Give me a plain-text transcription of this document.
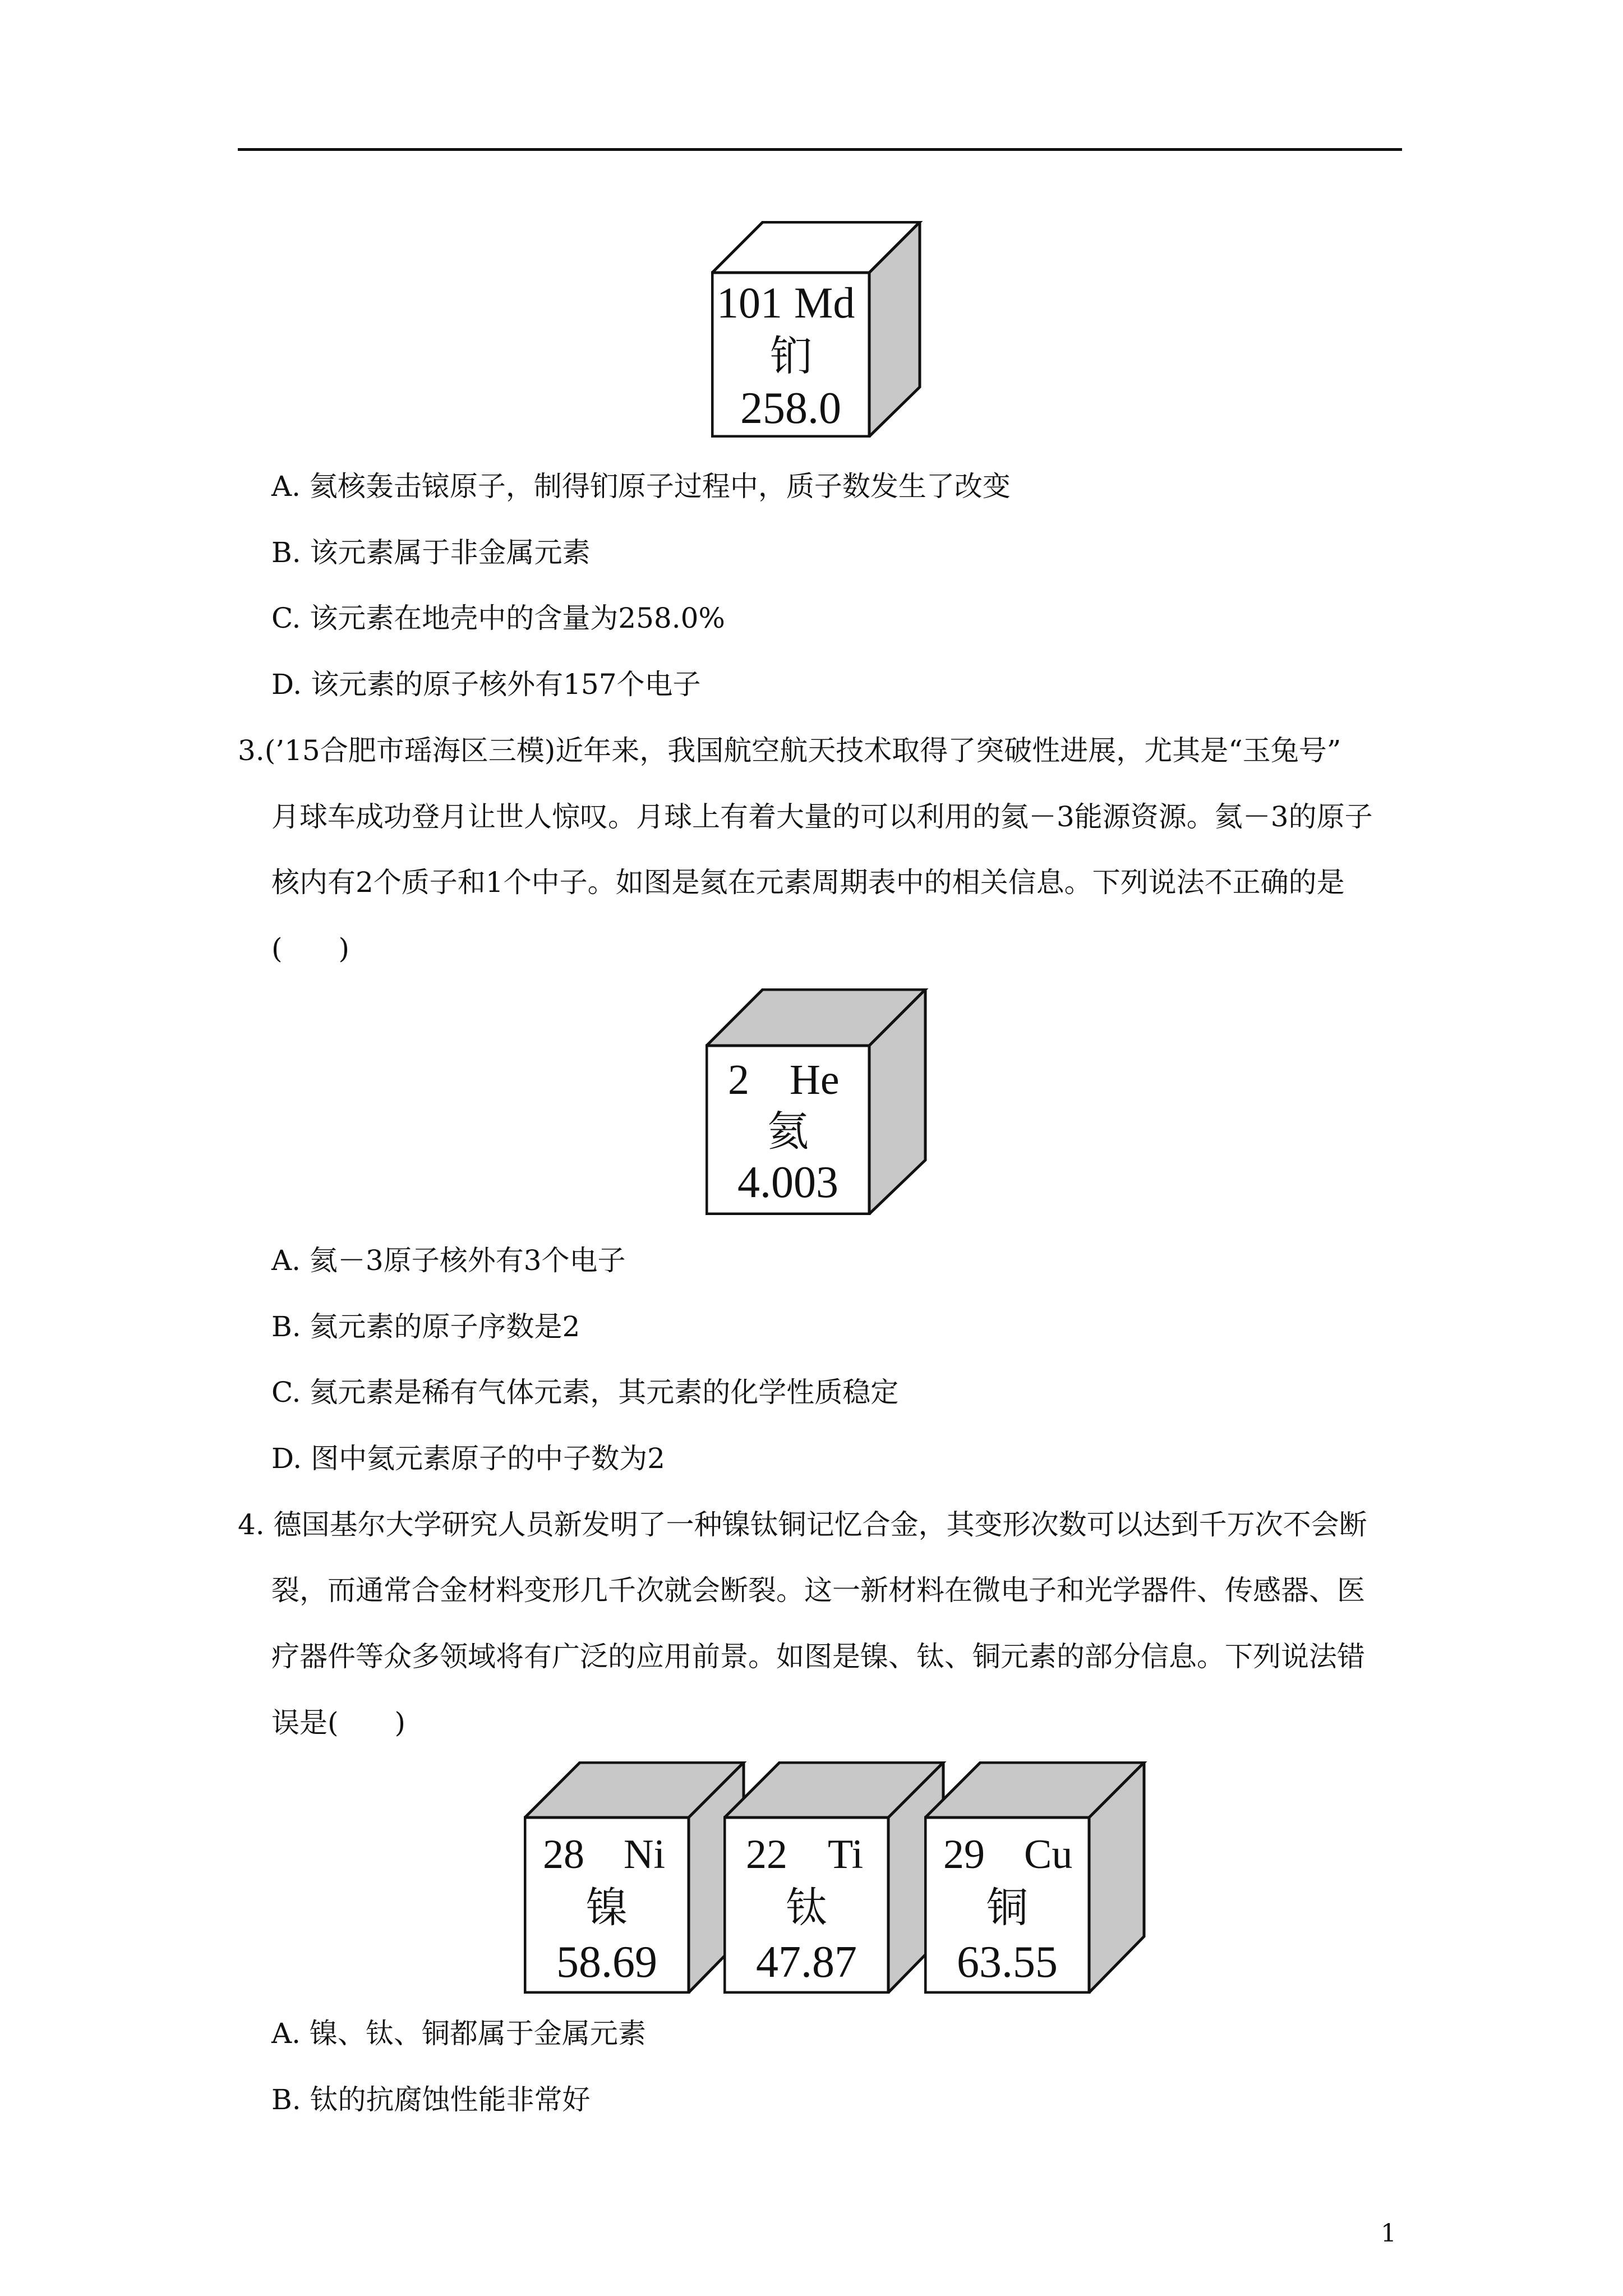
101 Md
钔
258.0
A. 氦核轰击锿原子，制得钔原子过程中，质子数发生了改变
B. 该元素属于非金属元素
C. 该元素在地壳中的含量为258.0%
D. 该元素的原子核外有157个电子
3.(’15合肥市瑶海区三模)近年来，我国航空航天技术取得了突破性进展，尤其是“玉兔号”
月球车成功登月让世人惊叹。月球上有着大量的可以利用的氦－3能源资源。氦－3的原子
核内有2个质子和1个中子。如图是氦在元素周期表中的相关信息。下列说法不正确的是
(　　)
2 He
氦
4.003
A. 氦－3原子核外有3个电子
B. 氦元素的原子序数是2
C. 氦元素是稀有气体元素，其元素的化学性质稳定
D. 图中氦元素原子的中子数为2
4. 德国基尔大学研究人员新发明了一种镍钛铜记忆合金，其变形次数可以达到千万次不会断
裂，而通常合金材料变形几千次就会断裂。这一新材料在微电子和光学器件、传感器、医
疗器件等众多领域将有广泛的应用前景。如图是镍、钛、铜元素的部分信息。下列说法错
误是(　　)
28 Ni
镍
58.69
22 Ti
钛
47.87
29 Cu
铜
63.55
A. 镍、钛、铜都属于金属元素
B. 钛的抗腐蚀性能非常好
1
